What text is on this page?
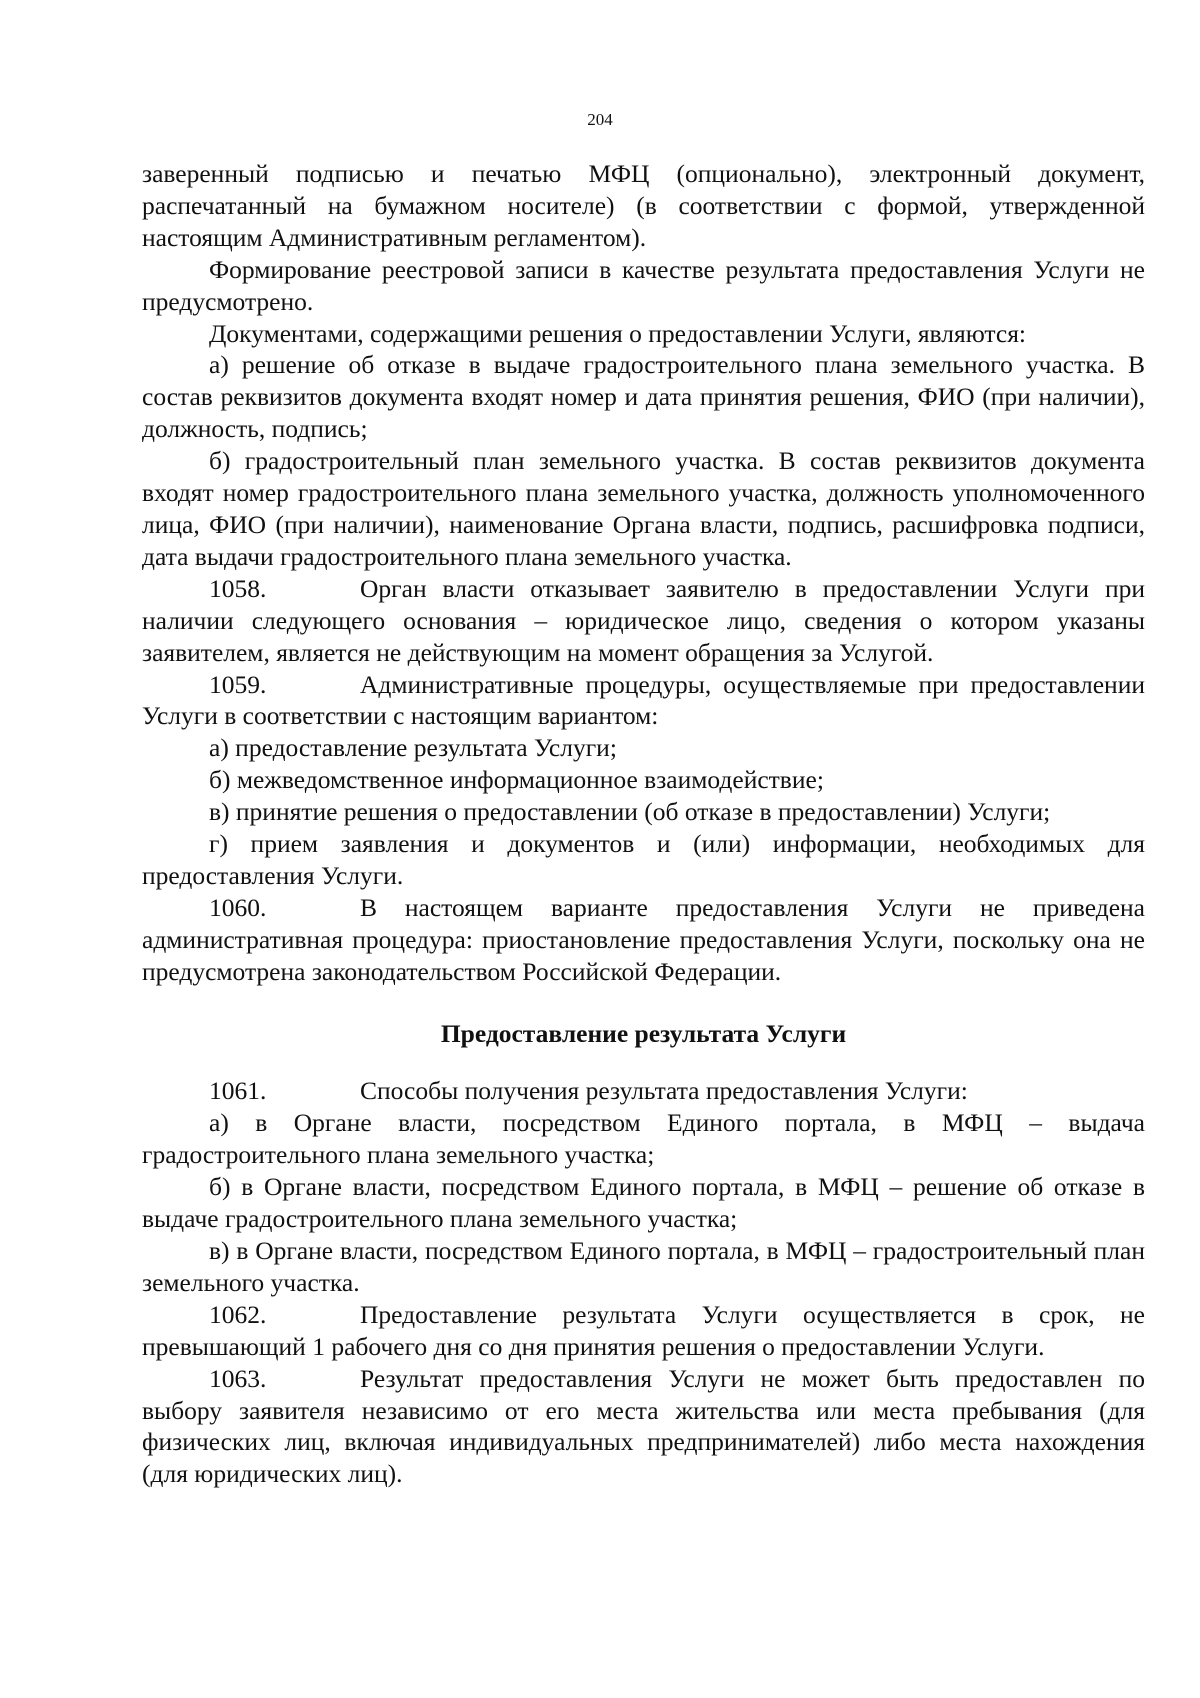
204

заверенный подписью и печатью МФЦ (опционально), электронный документ, распечатанный на бумажном носителе) (в соответствии с формой, утвержденной настоящим Административным регламентом).

Формирование реестровой записи в качестве результата предоставления Услуги не предусмотрено.

Документами, содержащими решения о предоставлении Услуги, являются:

а) решение об отказе в выдаче градостроительного плана земельного участка. В состав реквизитов документа входят номер и дата принятия решения, ФИО (при наличии), должность, подпись;

б) градостроительный план земельного участка. В состав реквизитов документа входят номер градостроительного плана земельного участка, должность уполномоченного лица, ФИО (при наличии), наименование Органа власти, подпись, расшифровка подписи, дата выдачи градостроительного плана земельного участка.

1058.	Орган власти отказывает заявителю в предоставлении Услуги при наличии следующего основания – юридическое лицо, сведения о котором указаны заявителем, является не действующим на момент обращения за Услугой.

1059.	Административные процедуры, осуществляемые при предоставлении Услуги в соответствии с настоящим вариантом:

а) предоставление результата Услуги;

б) межведомственное информационное взаимодействие;

в) принятие решения о предоставлении (об отказе в предоставлении) Услуги;

г) прием заявления и документов и (или) информации, необходимых для предоставления Услуги.

1060.	В настоящем варианте предоставления Услуги не приведена административная процедура: приостановление предоставления Услуги, поскольку она не предусмотрена законодательством Российской Федерации.

Предоставление результата Услуги

1061.	Способы получения результата предоставления Услуги:

а) в Органе власти, посредством Единого портала, в МФЦ – выдача градостроительного плана земельного участка;

б) в Органе власти, посредством Единого портала, в МФЦ – решение об отказе в выдаче градостроительного плана земельного участка;

в) в Органе власти, посредством Единого портала, в МФЦ – градостроительный план земельного участка.

1062.	Предоставление результата Услуги осуществляется в срок, не превышающий 1 рабочего дня со дня принятия решения о предоставлении Услуги.

1063.	Результат предоставления Услуги не может быть предоставлен по выбору заявителя независимо от его места жительства или места пребывания (для физических лиц, включая индивидуальных предпринимателей) либо места нахождения (для юридических лиц).
